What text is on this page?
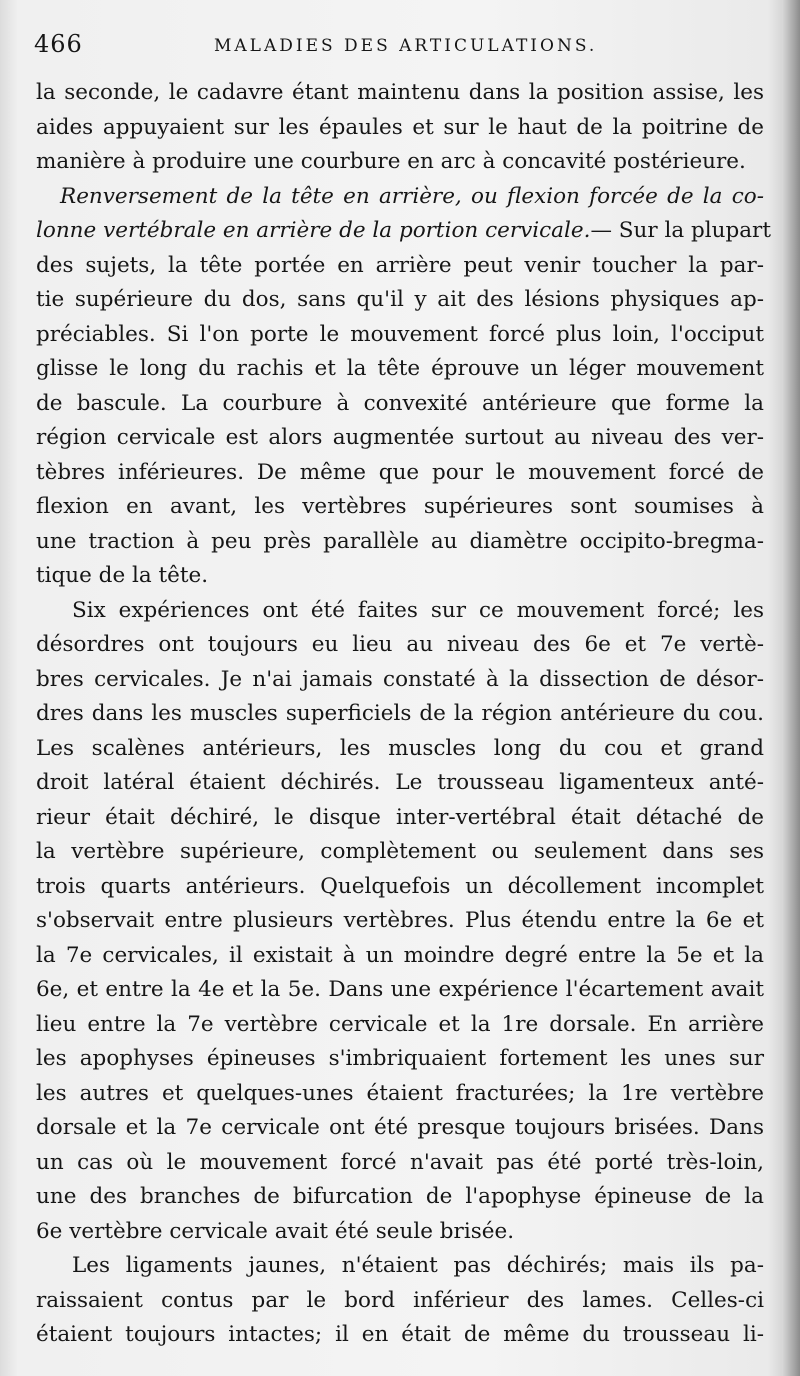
466	MALADIES DES ARTICULATIONS.
la seconde, le cadavre étant maintenu dans la position assise, les
aides appuyaient sur les épaules et sur le haut de la poitrine de
manière à produire une courbure en arc à concavité postérieure.
Renversement de la tête en arrière, ou flexion forcée de la co-
lonne vertébrale en arrière de la portion cervicale.— Sur la plupart
des sujets, la tête portée en arrière peut venir toucher la par-
tie supérieure du dos, sans qu'il y ait des lésions physiques ap-
préciables. Si l'on porte le mouvement forcé plus loin, l'occiput
glisse le long du rachis et la tête éprouve un léger mouvement
de bascule. La courbure à convexité antérieure que forme la
région cervicale est alors augmentée surtout au niveau des ver-
tèbres inférieures. De même que pour le mouvement forcé de
flexion en avant, les vertèbres supérieures sont soumises à
une traction à peu près parallèle au diamètre occipito-bregma-
tique de la tête.
Six expériences ont été faites sur ce mouvement forcé; les
désordres ont toujours eu lieu au niveau des 6e et 7e vertè-
bres cervicales. Je n'ai jamais constaté à la dissection de désor-
dres dans les muscles superficiels de la région antérieure du cou.
Les scalènes antérieurs, les muscles long du cou et grand
droit latéral étaient déchirés. Le trousseau ligamenteux anté-
rieur était déchiré, le disque inter-vertébral était détaché de
la vertèbre supérieure, complètement ou seulement dans ses
trois quarts antérieurs. Quelquefois un décollement incomplet
s'observait entre plusieurs vertèbres. Plus étendu entre la 6e et
la 7e cervicales, il existait à un moindre degré entre la 5e et la
6e, et entre la 4e et la 5e. Dans une expérience l'écartement avait
lieu entre la 7e vertèbre cervicale et la 1re dorsale. En arrière
les apophyses épineuses s'imbriquaient fortement les unes sur
les autres et quelques-unes étaient fracturées; la 1re vertèbre
dorsale et la 7e cervicale ont été presque toujours brisées. Dans
un cas où le mouvement forcé n'avait pas été porté très-loin,
une des branches de bifurcation de l'apophyse épineuse de la
6e vertèbre cervicale avait été seule brisée.
Les ligaments jaunes, n'étaient pas déchirés; mais ils pa-
raissaient contus par le bord inférieur des lames. Celles-ci
étaient toujours intactes; il en était de même du trousseau li-
